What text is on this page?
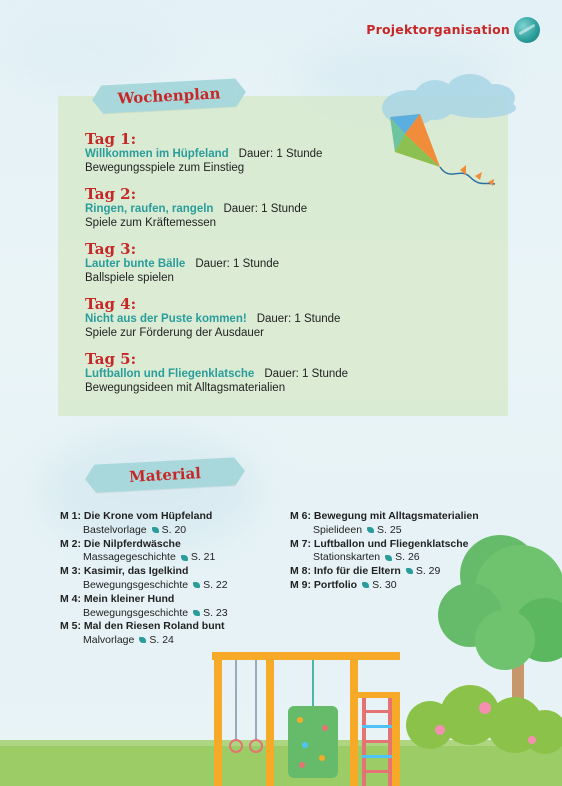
Projektorganisation
Wochenplan
Tag 1:
Willkommen im Hüpfeland Dauer: 1 Stunde
Bewegungsspiele zum Einstieg
Tag 2:
Ringen, raufen, rangeln Dauer: 1 Stunde
Spiele zum Kräftemessen
Tag 3:
Lauter bunte Bälle Dauer: 1 Stunde
Ballspiele spielen
Tag 4:
Nicht aus der Puste kommen! Dauer: 1 Stunde
Spiele zur Förderung der Ausdauer
Tag 5:
Luftballon und Fliegenklatsche Dauer: 1 Stunde
Bewegungsideen mit Alltagsmaterialien
Material
M 1: Die Krone vom Hüpfeland
Bastelvorlage S. 20
M 2: Die Nilpferdwäsche
Massagegeschichte S. 21
M 3: Kasimir, das Igelkind
Bewegungsgeschichte S. 22
M 4: Mein kleiner Hund
Bewegungsgeschichte S. 23
M 5: Mal den Riesen Roland bunt
Malvorlage S. 24
M 6: Bewegung mit Alltagsmaterialien
Spielideen S. 25
M 7: Luftballon und Fliegenklatsche
Stationskarten S. 26
M 8: Info für die Eltern S. 29
M 9: Portfolio S. 30
